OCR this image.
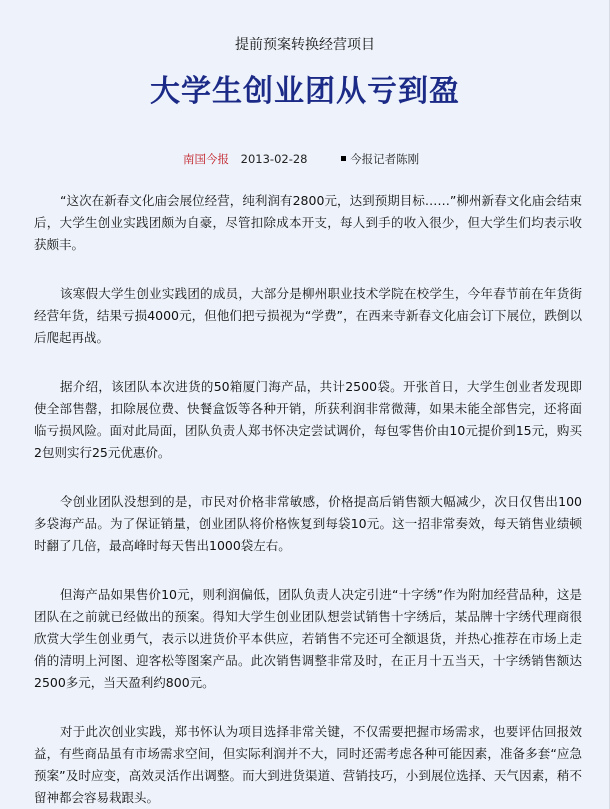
提前预案转换经营项目
大学生创业团从亏到盈
南国今报 2013-02-28	今报记者陈刚

“这次在新春文化庙会展位经营，纯利润有2800元，达到预期目标……”柳州新春文化庙会结束后，大学生创业实践团颇为自豪，尽管扣除成本开支，每人到手的收入很少，但大学生们均表示收获颇丰。

该寒假大学生创业实践团的成员，大部分是柳州职业技术学院在校学生，今年春节前在年货街经营年货，结果亏损4000元，但他们把亏损视为“学费”，在西来寺新春文化庙会订下展位，跌倒以后爬起再战。

据介绍，该团队本次进货的50箱厦门海产品，共计2500袋。开张首日，大学生创业者发现即使全部售罄，扣除展位费、快餐盒饭等各种开销，所获利润非常微薄，如果未能全部售完，还将面临亏损风险。面对此局面，团队负责人郑书怀决定尝试调价，每包零售价由10元提价到15元，购买2包则实行25元优惠价。

令创业团队没想到的是，市民对价格非常敏感，价格提高后销售额大幅减少，次日仅售出100多袋海产品。为了保证销量，创业团队将价格恢复到每袋10元。这一招非常奏效，每天销售业绩顿时翻了几倍，最高峰时每天售出1000袋左右。

但海产品如果售价10元，则利润偏低，团队负责人决定引进“十字绣”作为附加经营品种，这是团队在之前就已经做出的预案。得知大学生创业团队想尝试销售十字绣后，某品牌十字绣代理商很欣赏大学生创业勇气，表示以进货价平本供应，若销售不完还可全额退货，并热心推荐在市场上走俏的清明上河图、迎客松等图案产品。此次销售调整非常及时，在正月十五当天，十字绣销售额达2500多元，当天盈利约800元。

对于此次创业实践，郑书怀认为项目选择非常关键，不仅需要把握市场需求，也要评估回报效益，有些商品虽有市场需求空间，但实际利润并不大，同时还需考虑各种可能因素，准备多套“应急预案”及时应变，高效灵活作出调整。而大到进货渠道、营销技巧，小到展位选择、天气因素，稍不留神都会容易栽跟头。
